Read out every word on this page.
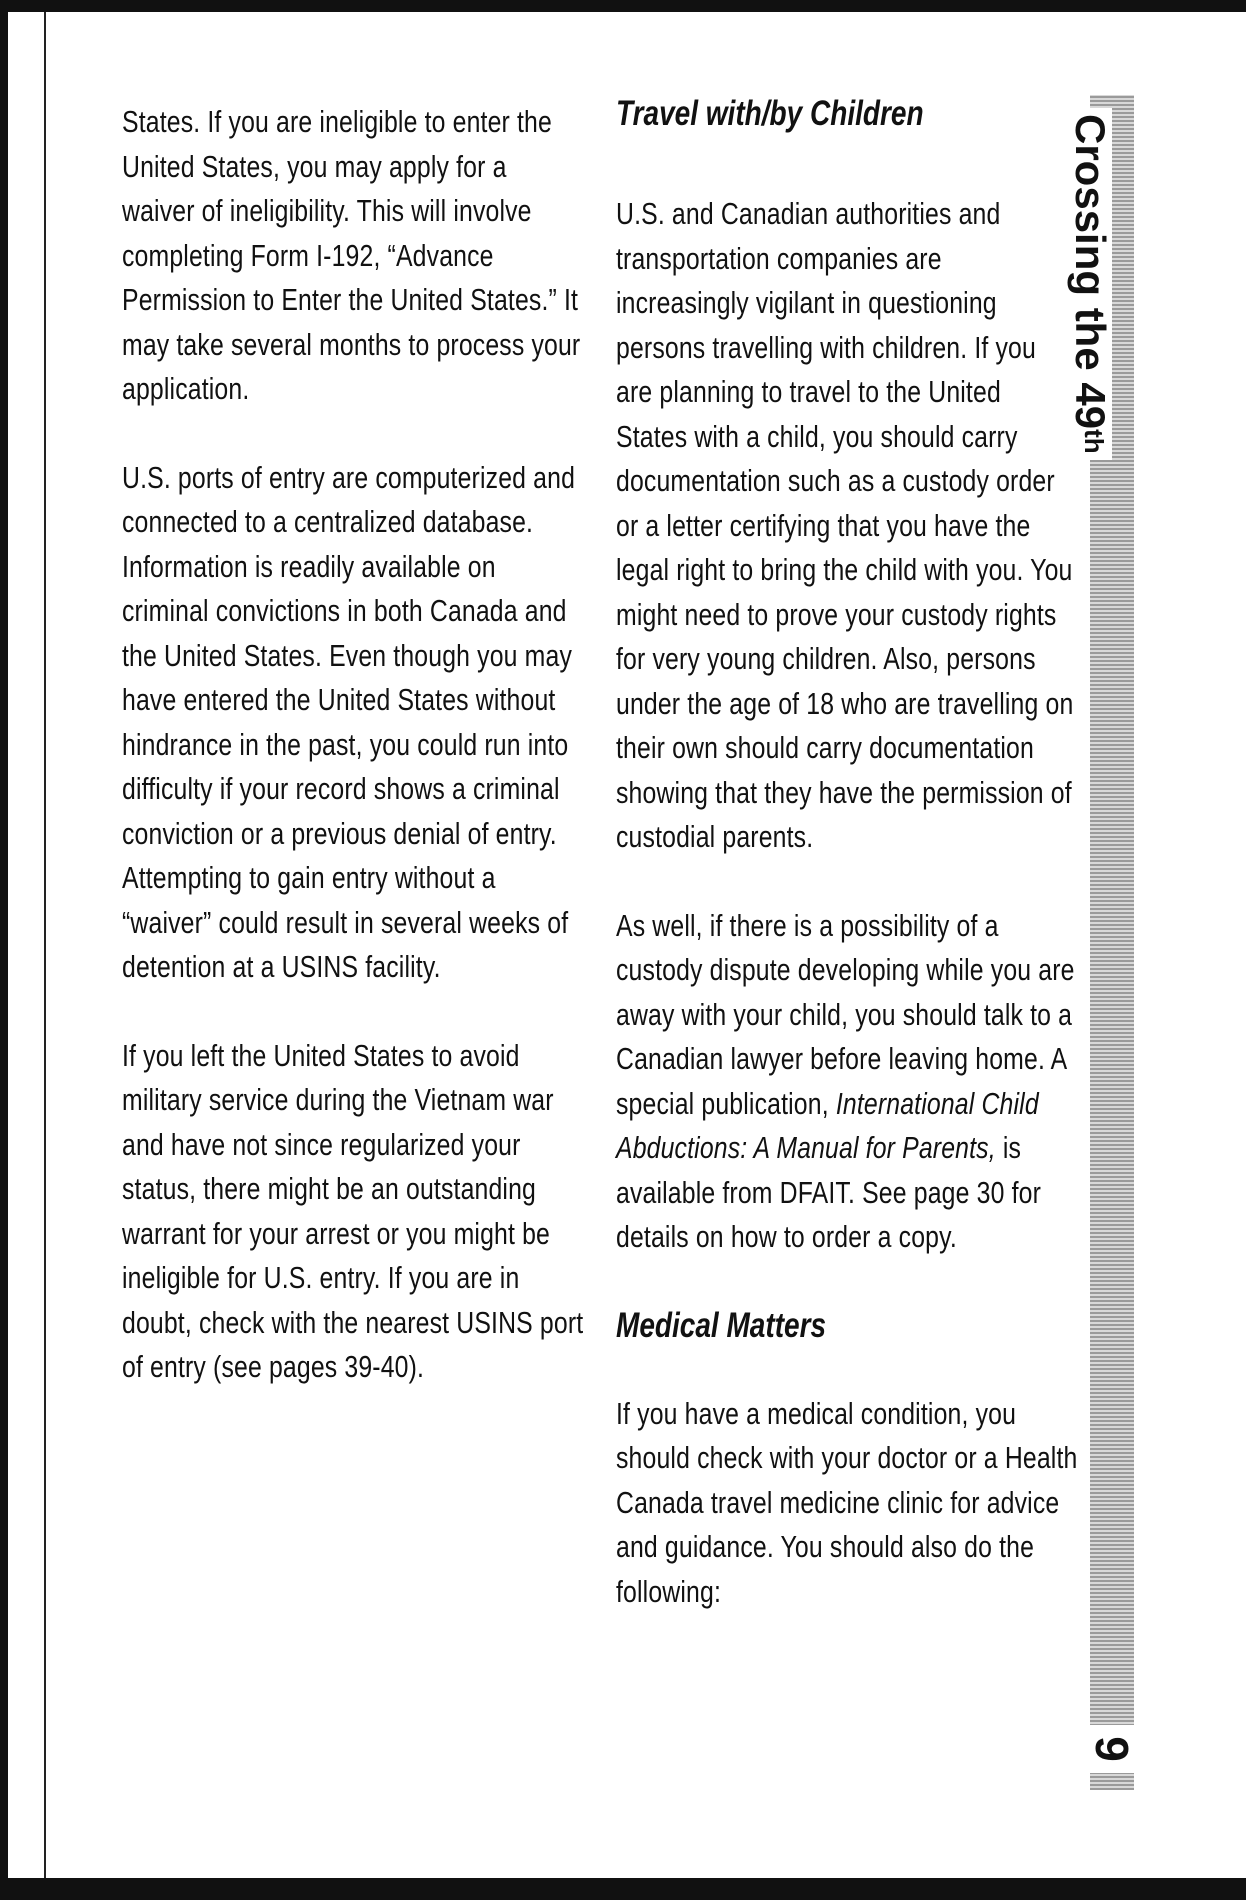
States. If you are ineligible to enter the United States, you may apply for a waiver of ineligibility. This will involve completing Form I-192, “Advance Permission to Enter the United States.” It may take several months to process your application.

U.S. ports of entry are computerized and connected to a centralized database. Information is readily available on criminal convictions in both Canada and the United States. Even though you may have entered the United States without hindrance in the past, you could run into difficulty if your record shows a criminal conviction or a previous denial of entry. Attempting to gain entry without a “waiver” could result in several weeks of detention at a USINS facility.

If you left the United States to avoid military service during the Vietnam war and have not since regularized your status, there might be an outstanding warrant for your arrest or you might be ineligible for U.S. entry. If you are in doubt, check with the nearest USINS port of entry (see pages 39-40).

Travel with/by Children

U.S. and Canadian authorities and transportation companies are increasingly vigilant in questioning persons travelling with children. If you are planning to travel to the United States with a child, you should carry documentation such as a custody order or a letter certifying that you have the legal right to bring the child with you. You might need to prove your custody rights for very young children. Also, persons under the age of 18 who are travelling on their own should carry documentation showing that they have the permission of custodial parents.

As well, if there is a possibility of a custody dispute developing while you are away with your child, you should talk to a Canadian lawyer before leaving home. A special publication, International Child Abductions: A Manual for Parents, is available from DFAIT. See page 30 for details on how to order a copy.

Medical Matters

If you have a medical condition, you should check with your doctor or a Health Canada travel medicine clinic for advice and guidance. You should also do the following:

Crossing the 49th
9
